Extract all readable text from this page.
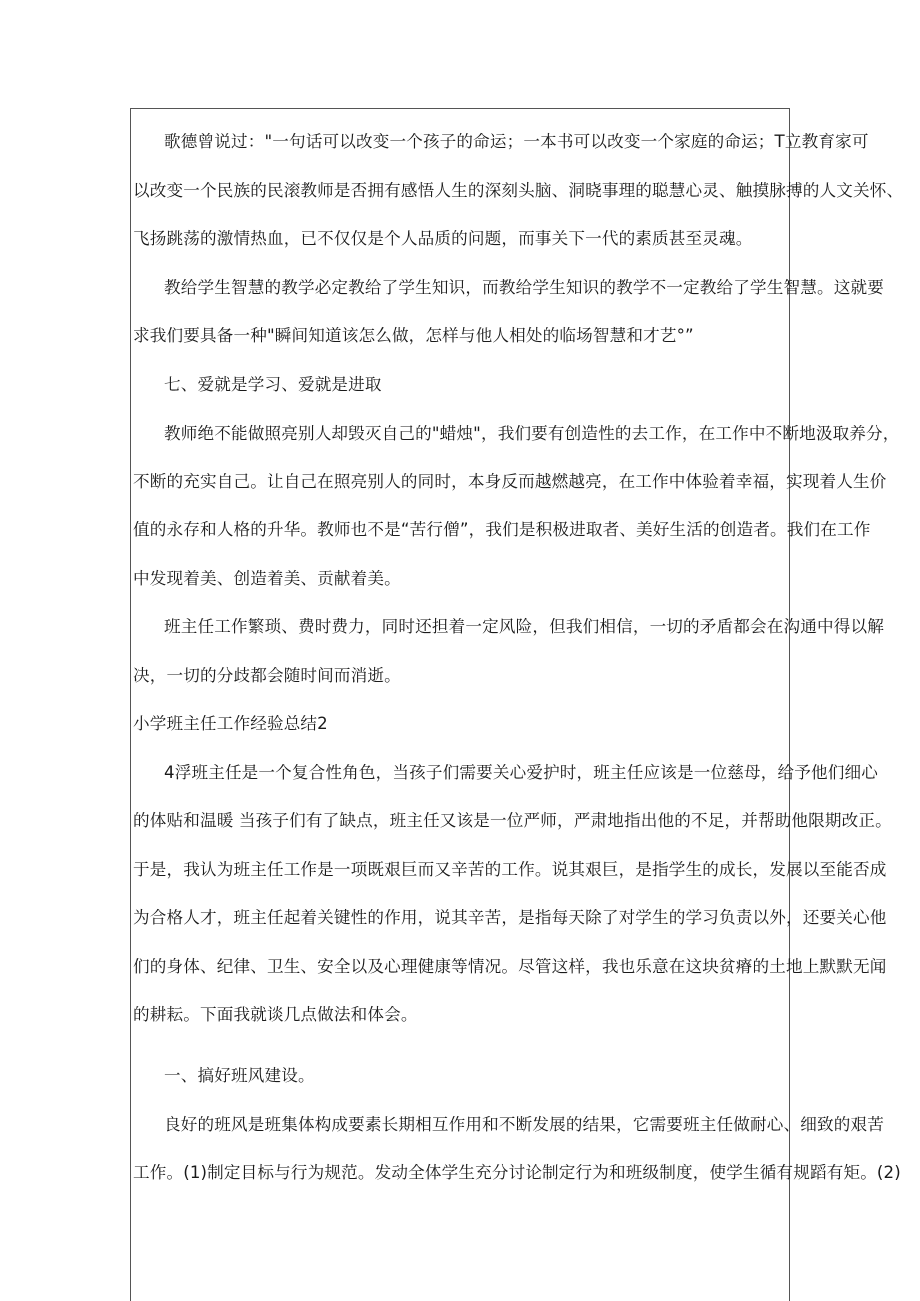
歌德曾说过："一句话可以改变一个孩子的命运；一本书可以改变一个家庭的命运；T立教育家可
以改变一个民族的民滚教师是否拥有感悟人生的深刻头脑、洞晓事理的聪慧心灵、触摸脉搏的人文关怀、
飞扬跳荡的激情热血，已不仅仅是个人品质的问题，而事关下一代的素质甚至灵魂。
教给学生智慧的教学必定教给了学生知识，而教给学生知识的教学不一定教给了学生智慧。这就要
求我们要具备一种"瞬间知道该怎么做，怎样与他人相处的临场智慧和才艺°”
七、爱就是学习、爱就是进取
教师绝不能做照亮别人却毁灭自己的"蜡烛"，我们要有创造性的去工作，在工作中不断地汲取养分，
不断的充实自己。让自己在照亮别人的同时，本身反而越燃越亮，在工作中体验着幸福，实现着人生价
值的永存和人格的升华。教师也不是“苦行僧”，我们是积极进取者、美好生活的创造者。我们在工作
中发现着美、创造着美、贡献着美。
班主任工作繁琐、费时费力，同时还担着一定风险，但我们相信，一切的矛盾都会在沟通中得以解
决，一切的分歧都会随时间而消逝。
小学班主任工作经验总结2
4浮班主任是一个复合性角色，当孩子们需要关心爱护时，班主任应该是一位慈母，给予他们细心
的体贴和温暖 当孩子们有了缺点，班主任又该是一位严师，严肃地指出他的不足，并帮助他限期改正。
于是，我认为班主任工作是一项既艰巨而又辛苦的工作。说其艰巨，是指学生的成长，发展以至能否成
为合格人才，班主任起着关键性的作用，说其辛苦，是指每天除了对学生的学习负责以外，还要关心他
们的身体、纪律、卫生、安全以及心理健康等情况。尽管这样，我也乐意在这块贫瘠的土地上默默无闻
的耕耘。下面我就谈几点做法和体会。
一、搞好班风建设。
良好的班风是班集体构成要素长期相互作用和不断发展的结果，它需要班主任做耐心、细致的艰苦
工作。(1)制定目标与行为规范。发动全体学生充分讨论制定行为和班级制度，使学生循有规蹈有矩。(2)
